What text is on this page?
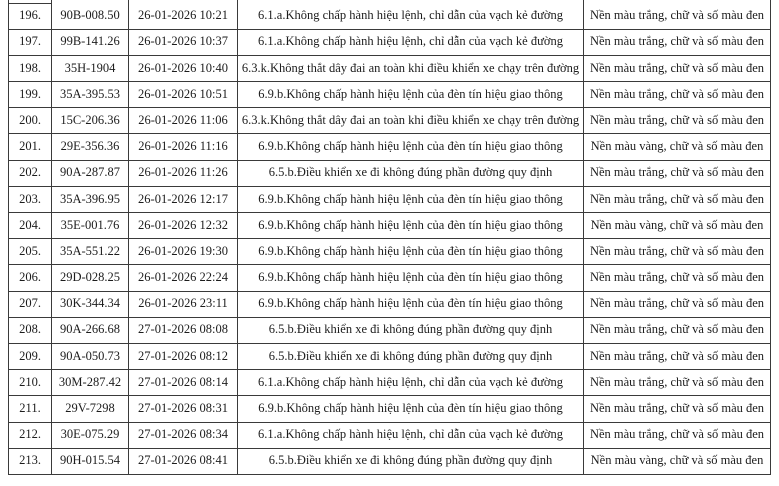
196.	90B-008.50	26-01-2026 10:21	6.1.a.Không chấp hành hiệu lệnh, chỉ dẫn của vạch kẻ đường	Nền màu trắng, chữ và số màu đen
197.	99B-141.26	26-01-2026 10:37	6.1.a.Không chấp hành hiệu lệnh, chỉ dẫn của vạch kẻ đường	Nền màu trắng, chữ và số màu đen
198.	35H-1904	26-01-2026 10:40	6.3.k.Không thắt dây đai an toàn khi điều khiển xe chạy trên đường	Nền màu trắng, chữ và số màu đen
199.	35A-395.53	26-01-2026 10:51	6.9.b.Không chấp hành hiệu lệnh của đèn tín hiệu giao thông	Nền màu trắng, chữ và số màu đen
200.	15C-206.36	26-01-2026 11:06	6.3.k.Không thắt dây đai an toàn khi điều khiển xe chạy trên đường	Nền màu trắng, chữ và số màu đen
201.	29E-356.36	26-01-2026 11:16	6.9.b.Không chấp hành hiệu lệnh của đèn tín hiệu giao thông	Nền màu vàng, chữ và số màu đen
202.	90A-287.87	26-01-2026 11:26	6.5.b.Điều khiển xe đi không đúng phần đường quy định	Nền màu trắng, chữ và số màu đen
203.	35A-396.95	26-01-2026 12:17	6.9.b.Không chấp hành hiệu lệnh của đèn tín hiệu giao thông	Nền màu trắng, chữ và số màu đen
204.	35E-001.76	26-01-2026 12:32	6.9.b.Không chấp hành hiệu lệnh của đèn tín hiệu giao thông	Nền màu vàng, chữ và số màu đen
205.	35A-551.22	26-01-2026 19:30	6.9.b.Không chấp hành hiệu lệnh của đèn tín hiệu giao thông	Nền màu trắng, chữ và số màu đen
206.	29D-028.25	26-01-2026 22:24	6.9.b.Không chấp hành hiệu lệnh của đèn tín hiệu giao thông	Nền màu trắng, chữ và số màu đen
207.	30K-344.34	26-01-2026 23:11	6.9.b.Không chấp hành hiệu lệnh của đèn tín hiệu giao thông	Nền màu trắng, chữ và số màu đen
208.	90A-266.68	27-01-2026 08:08	6.5.b.Điều khiển xe đi không đúng phần đường quy định	Nền màu trắng, chữ và số màu đen
209.	90A-050.73	27-01-2026 08:12	6.5.b.Điều khiển xe đi không đúng phần đường quy định	Nền màu trắng, chữ và số màu đen
210.	30M-287.42	27-01-2026 08:14	6.1.a.Không chấp hành hiệu lệnh, chỉ dẫn của vạch kẻ đường	Nền màu trắng, chữ và số màu đen
211.	29V-7298	27-01-2026 08:31	6.9.b.Không chấp hành hiệu lệnh của đèn tín hiệu giao thông	Nền màu trắng, chữ và số màu đen
212.	30E-075.29	27-01-2026 08:34	6.1.a.Không chấp hành hiệu lệnh, chỉ dẫn của vạch kẻ đường	Nền màu trắng, chữ và số màu đen
213.	90H-015.54	27-01-2026 08:41	6.5.b.Điều khiển xe đi không đúng phần đường quy định	Nền màu vàng, chữ và số màu đen
